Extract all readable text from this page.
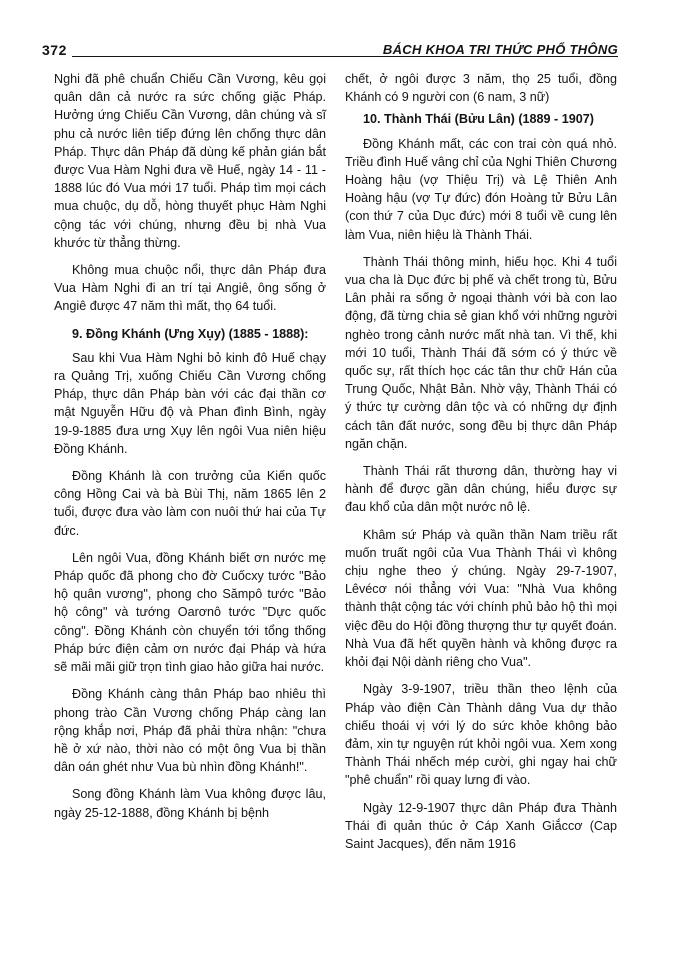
372	BÁCH KHOA TRI THỨC PHỔ THÔNG

Nghi đã phê chuẩn Chiếu Cần Vương, kêu gọi quân dân cả nước ra sức chống giặc Pháp. Hưởng ứng Chiếu Cần Vương, dân chúng và sĩ phu cả nước liên tiếp đứng lên chống thực dân Pháp. Thực dân Pháp đã dùng kế phản gián bắt được Vua Hàm Nghi đưa về Huế, ngày 14 - 11 - 1888 lúc đó Vua mới 17 tuổi. Pháp tìm mọi cách mua chuộc, dụ dỗ, hòng thuyết phục Hàm Nghi cộng tác với chúng, nhưng đều bị nhà Vua khước từ thẳng thừng.

Không mua chuộc nổi, thực dân Pháp đưa Vua Hàm Nghi đi an trí tại Angiê, ông sống ở Angiê được 47 năm thì mất, thọ 64 tuổi.

9. Đồng Khánh (Ưng Xụy) (1885 - 1888):

Sau khi Vua Hàm Nghi bỏ kinh đô Huế chạy ra Quảng Trị, xuống Chiếu Cần Vương chống Pháp, thực dân Pháp bàn với các đại thần cơ mật Nguyễn Hữu độ và Phan đình Bình, ngày 19-9-1885 đưa ưng Xụy lên ngôi Vua niên hiệu Đồng Khánh.

Đồng Khánh là con trưởng của Kiến quốc công Hồng Cai và bà Bùi Thị, năm 1865 lên 2 tuổi, được đưa vào làm con nuôi thứ hai của Tự đức.

Lên ngôi Vua, đồng Khánh biết ơn nước mẹ Pháp quốc đã phong cho đờ Cuốcxy tước "Bảo hộ quân vương", phong cho Sămpô tước "Bảo hộ công" và tướng Oarơnô tước "Dực quốc công". Đồng Khánh còn chuyển tới tổng thống Pháp bức điện cảm ơn nước đại Pháp và hứa sẽ mãi mãi giữ trọn tình giao hảo giữa hai nước.

Đồng Khánh càng thân Pháp bao nhiêu thì phong trào Cần Vương chống Pháp càng lan rộng khắp nơi, Pháp đã phải thừa nhận: "chưa hề ở xứ nào, thời nào có một ông Vua bị thần dân oán ghét như Vua bù nhìn đồng Khánh!".

Song đồng Khánh làm Vua không được lâu, ngày 25-12-1888, đồng Khánh bị bệnh

chết, ở ngôi được 3 năm, thọ 25 tuổi, đồng Khánh có 9 người con (6 nam, 3 nữ)

10. Thành Thái (Bửu Lân) (1889 - 1907)

Đồng Khánh mất, các con trai còn quá nhỏ. Triều đình Huế vâng chỉ của Nghi Thiên Chương Hoàng hậu (vợ Thiệu Trị) và Lệ Thiên Anh Hoàng hậu (vợ Tự đức) đón Hoàng tử Bửu Lân (con thứ 7 của Dục đức) mới 8 tuổi về cung lên làm Vua, niên hiệu là Thành Thái.

Thành Thái thông minh, hiếu học. Khi 4 tuổi vua cha là Dục đức bị phế và chết trong tù, Bửu Lân phải ra sống ở ngoại thành với bà con lao động, đã từng chia sẻ gian khổ với những người nghèo trong cảnh nước mất nhà tan. Vì thế, khi mới 10 tuổi, Thành Thái đã sớm có ý thức về quốc sự, rất thích học các tân thư chữ Hán của Trung Quốc, Nhật Bản. Nhờ vậy, Thành Thái có ý thức tự cường dân tộc và có những dự định cách tân đất nước, song đều bị thực dân Pháp ngăn chặn.

Thành Thái rất thương dân, thường hay vi hành để được gần dân chúng, hiểu được sự đau khổ của dân một nước nô lệ.

Khâm sứ Pháp và quần thần Nam triều rất muốn truất ngôi của Vua Thành Thái vì không chịu nghe theo ý chúng. Ngày 29-7-1907, Lêvécơ nói thẳng với Vua: "Nhà Vua không thành thật cộng tác với chính phủ bảo hộ thì mọi việc đều do Hội đồng thượng thư tự quyết đoán. Nhà Vua đã hết quyền hành và không được ra khỏi đại Nội dành riêng cho Vua".

Ngày 3-9-1907, triều thần theo lệnh của Pháp vào điện Càn Thành dâng Vua dự thảo chiếu thoái vị với lý do sức khỏe không bảo đảm, xin tự nguyện rút khỏi ngôi vua. Xem xong Thành Thái nhếch mép cười, ghi ngay hai chữ "phê chuẩn" rồi quay lưng đi vào.

Ngày 12-9-1907 thực dân Pháp đưa Thành Thái đi quản thúc ở Cáp Xanh Giắccơ (Cap Saint Jacques), đến năm 1916
